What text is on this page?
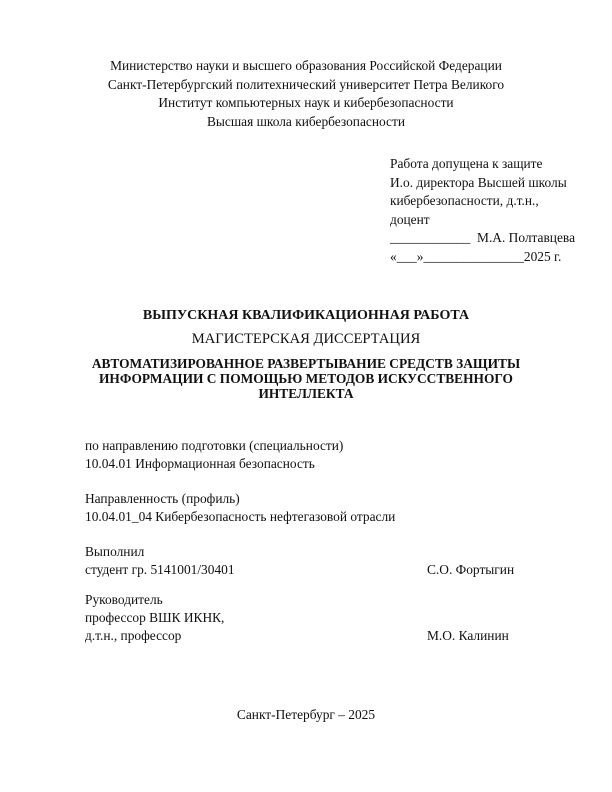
Министерство науки и высшего образования Российской Федерации
Санкт-Петербургский политехнический университет Петра Великого
Институт компьютерных наук и кибербезопасности
Высшая школа кибербезопасности
Работа допущена к защите
И.о. директора Высшей школы
кибербезопасности, д.т.н.,
доцент
____________  М.А. Полтавцева
«___»_______________2025 г.
ВЫПУСКНАЯ КВАЛИФИКАЦИОННАЯ РАБОТА
МАГИСТЕРСКАЯ ДИССЕРТАЦИЯ
АВТОМАТИЗИРОВАННОЕ РАЗВЕРТЫВАНИЕ СРЕДСТВ ЗАЩИТЫ
ИНФОРМАЦИИ С ПОМОЩЬЮ МЕТОДОВ ИСКУССТВЕННОГО
ИНТЕЛЛЕКТА
по направлению подготовки (специальности)
10.04.01 Информационная безопасность
Направленность (профиль)
10.04.01_04 Кибербезопасность нефтегазовой отрасли
Выполнил
студент гр. 5141001/30401	С.О. Фортыгин
Руководитель
профессор ВШК ИКНК,
д.т.н., профессор	М.О. Калинин
Санкт-Петербург – 2025
